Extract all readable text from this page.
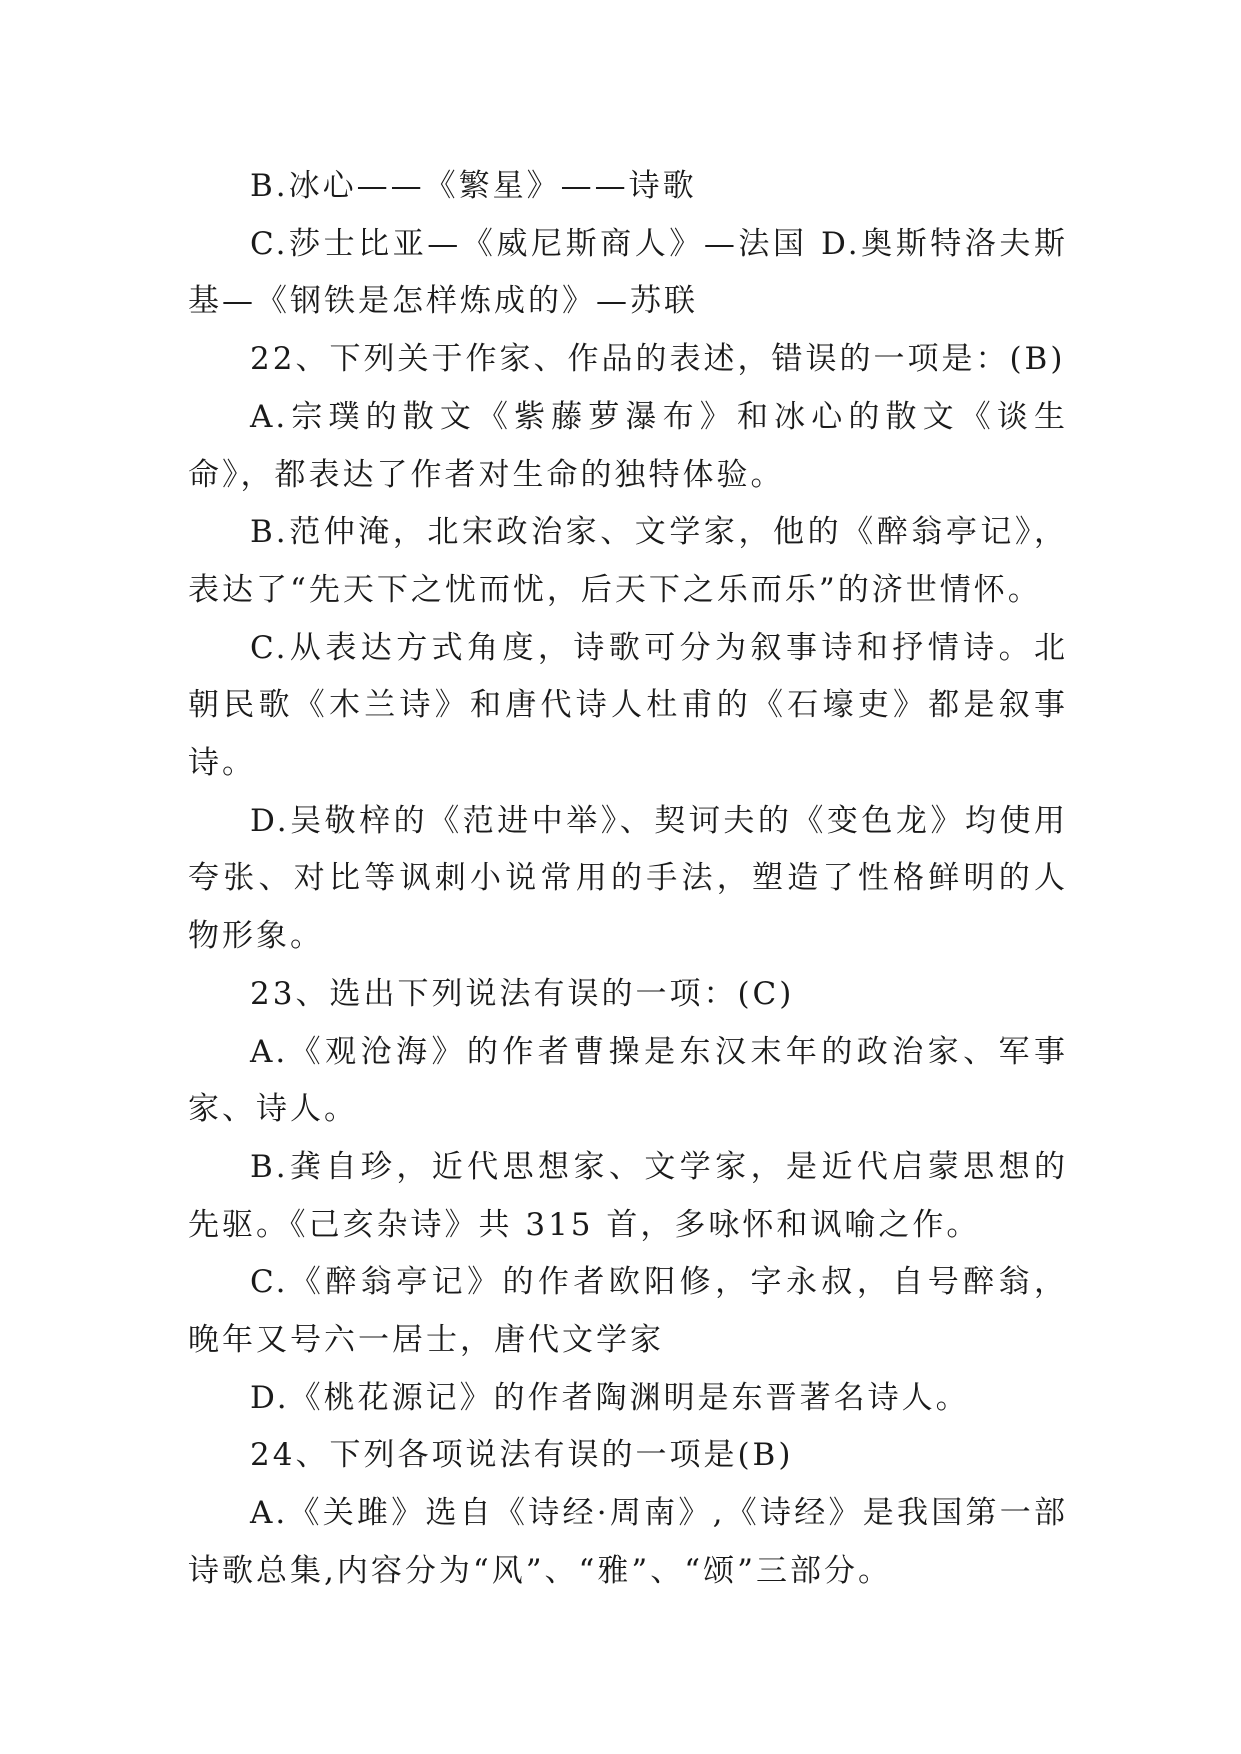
B.冰心——《繁星》——诗歌

C.莎士比亚—《威尼斯商人》—法国 D.奥斯特洛夫斯基—《钢铁是怎样炼成的》—苏联

22、下列关于作家、作品的表述，错误的一项是：(B)

A.宗璞的散文《紫藤萝瀑布》和冰心的散文《谈生命》，都表达了作者对生命的独特体验。

B.范仲淹，北宋政治家、文学家，他的《醉翁亭记》，表达了“先天下之忧而忧，后天下之乐而乐”的济世情怀。

C.从表达方式角度，诗歌可分为叙事诗和抒情诗。北朝民歌《木兰诗》和唐代诗人杜甫的《石壕吏》都是叙事诗。

D.吴敬梓的《范进中举》、契诃夫的《变色龙》均使用夸张、对比等讽刺小说常用的手法，塑造了性格鲜明的人物形象。

23、选出下列说法有误的一项：(C)

A.《观沧海》的作者曹操是东汉末年的政治家、军事家、诗人。

B.龚自珍，近代思想家、文学家，是近代启蒙思想的先驱。《己亥杂诗》共 315 首，多咏怀和讽喻之作。

C.《醉翁亭记》的作者欧阳修，字永叔，自号醉翁，晚年又号六一居士，唐代文学家

D.《桃花源记》的作者陶渊明是东晋著名诗人。

24、下列各项说法有误的一项是(B)

A.《关雎》选自《诗经·周南》,《诗经》是我国第一部诗歌总集,内容分为“风”、“雅”、“颂”三部分。
